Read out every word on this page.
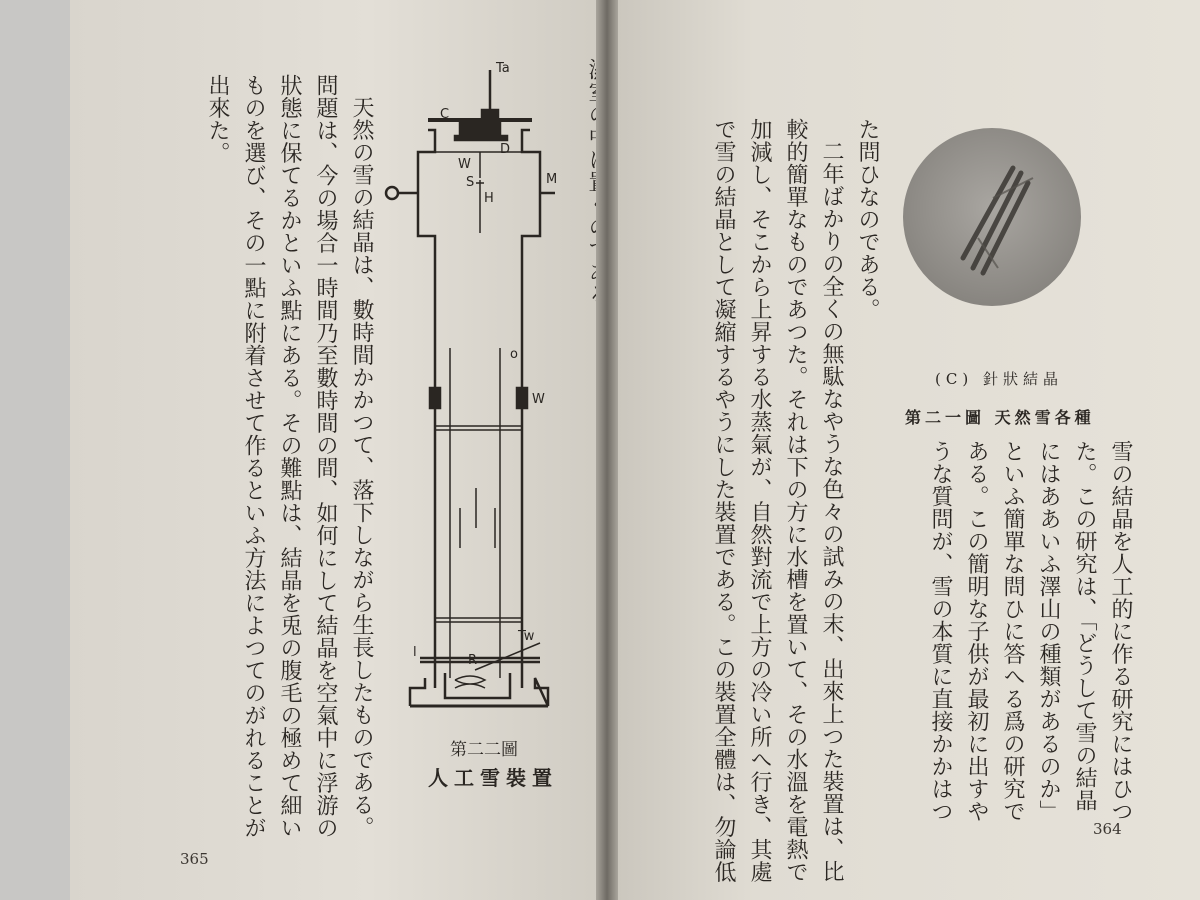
C
Ta
D
W
S
H
M
o
W
l
R
Tw
第二二圖
人工雪裝置
天然の雪の結晶は、數時間かかつて、落下しながら生長したものである。
問題は、今の場合一時間乃至數時間の間、如何にして結晶を空氣中に浮游の
狀態に保てるかといふ點にある。その難點は、結晶を兎の腹毛の極めて細い
ものを選び、その一點に附着させて作るといふ方法によつてのがれることが
出來た。
365
(C) 針狀結晶
第二一圖 天然雪各種
た問ひなのである。
二年ばかりの全くの無駄なやうな色々の試みの末、出來上つた裝置は、比
較的簡單なものであつた。それは下の方に水槽を置いて、その水溫を電熱で
加減し、そこから上昇する水蒸氣が、自然對流で上方の冷い所へ行き、其處
で雪の結晶として凝縮するやうにした裝置である。この裝置全體は、勿論低	雪の結晶を人工的に作る研究にはひつ
た。この研究は、「どうして雪の結晶
にはああいふ澤山の種類があるのか」
といふ簡單な問ひに答へる爲の研究で
ある。この簡明な子供が最初に出すや
うな質問が、雪の本質に直接かかはつ
364
